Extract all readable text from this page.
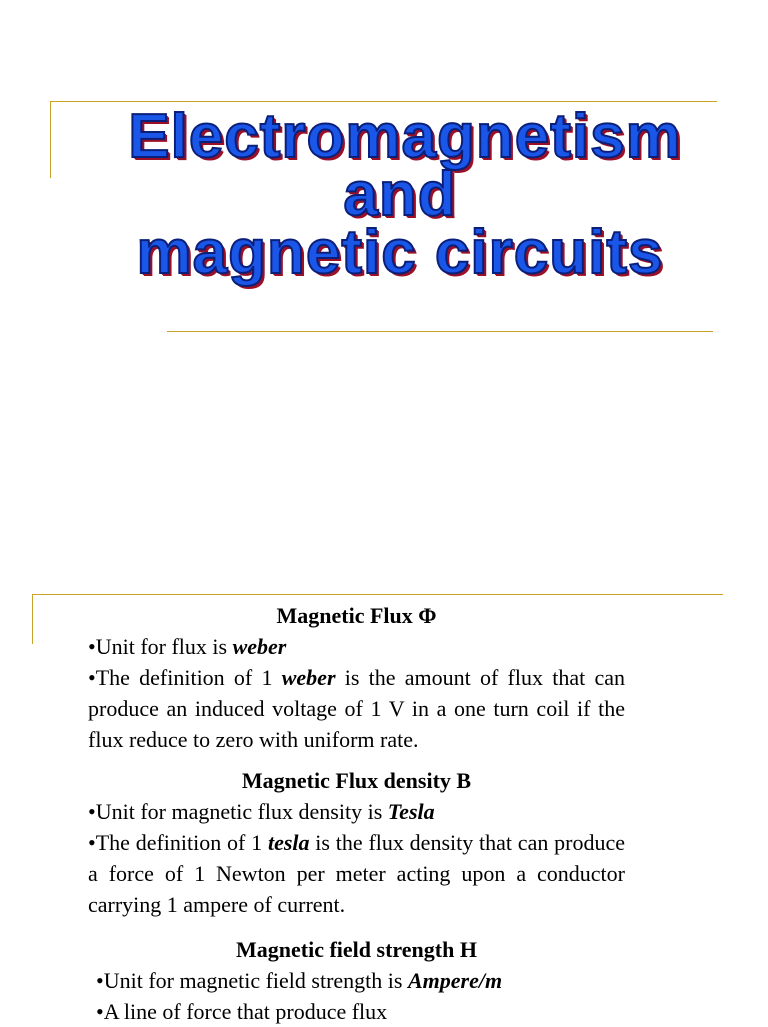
Electromagnetism
and
magnetic circuits
Magnetic Flux Φ
•Unit for flux is weber
•The definition of 1 weber is the amount of flux that can produce an induced voltage of 1 V in a one turn coil if the flux reduce to zero with uniform rate.
Magnetic Flux density B
•Unit for magnetic flux density is Tesla
•The definition of 1 tesla is the flux density that can produce a force of 1 Newton per meter acting upon a conductor carrying 1 ampere of current.
Magnetic field strength H
•Unit for magnetic field strength is Ampere/m
•A line of force that produce flux
